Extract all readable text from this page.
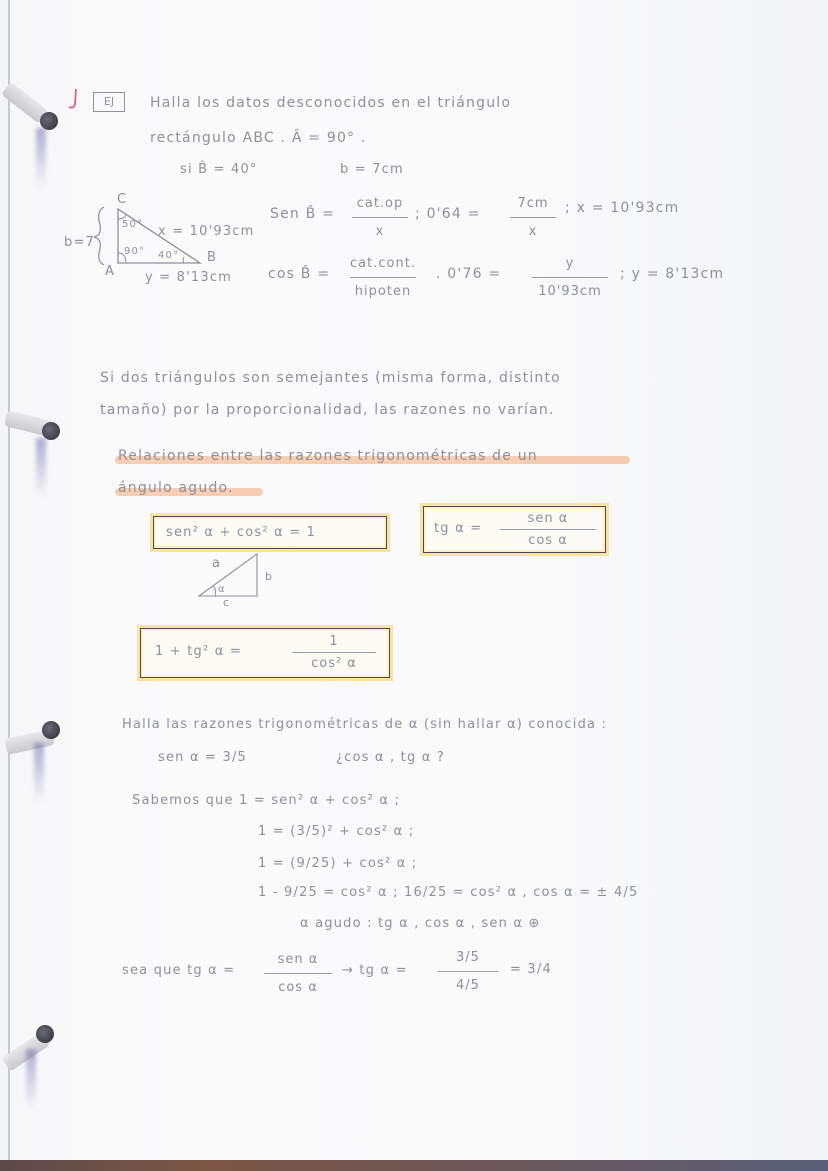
EJ	Halla los datos desconocidos en el triángulo
rectángulo ABC . Â = 90° .
si B̂ = 40°	b = 7cm
C
A
B
b=7
x = 10'93cm
y = 8'13cm
50°
90° 40°
Sen B̂ =
cat.op
x
; 0'64 =
7cm
x
; x = 10'93cm
cos B̂ =
cat.cont.
hipoten
. 0'76 =
y
10'93cm
; y = 8'13cm
Si dos triángulos son semejantes (misma forma, distinto
tamaño) por la proporcionalidad, las razones no varían.
Relaciones entre las razones trigonométricas de un
ángulo agudo.
sen² α + cos² α = 1	tg α =
sen α
cos α
a
b
c
α
1 + tg² α =
1
cos² α
Halla las razones trigonométricas de α (sin hallar α) conocida :
sen α = 3/5	¿cos α , tg α ?
Sabemos que 1 = sen² α + cos² α ;
1 = (3/5)² + cos² α ;
1 = (9/25) + cos² α ;
1 - 9/25 = cos² α ; 16/25 = cos² α , cos α = ± 4/5
α agudo : tg α , cos α , sen α ⊕
sea que tg α =
sen α
cos α
→ tg α =
3/5
4/5
= 3/4
